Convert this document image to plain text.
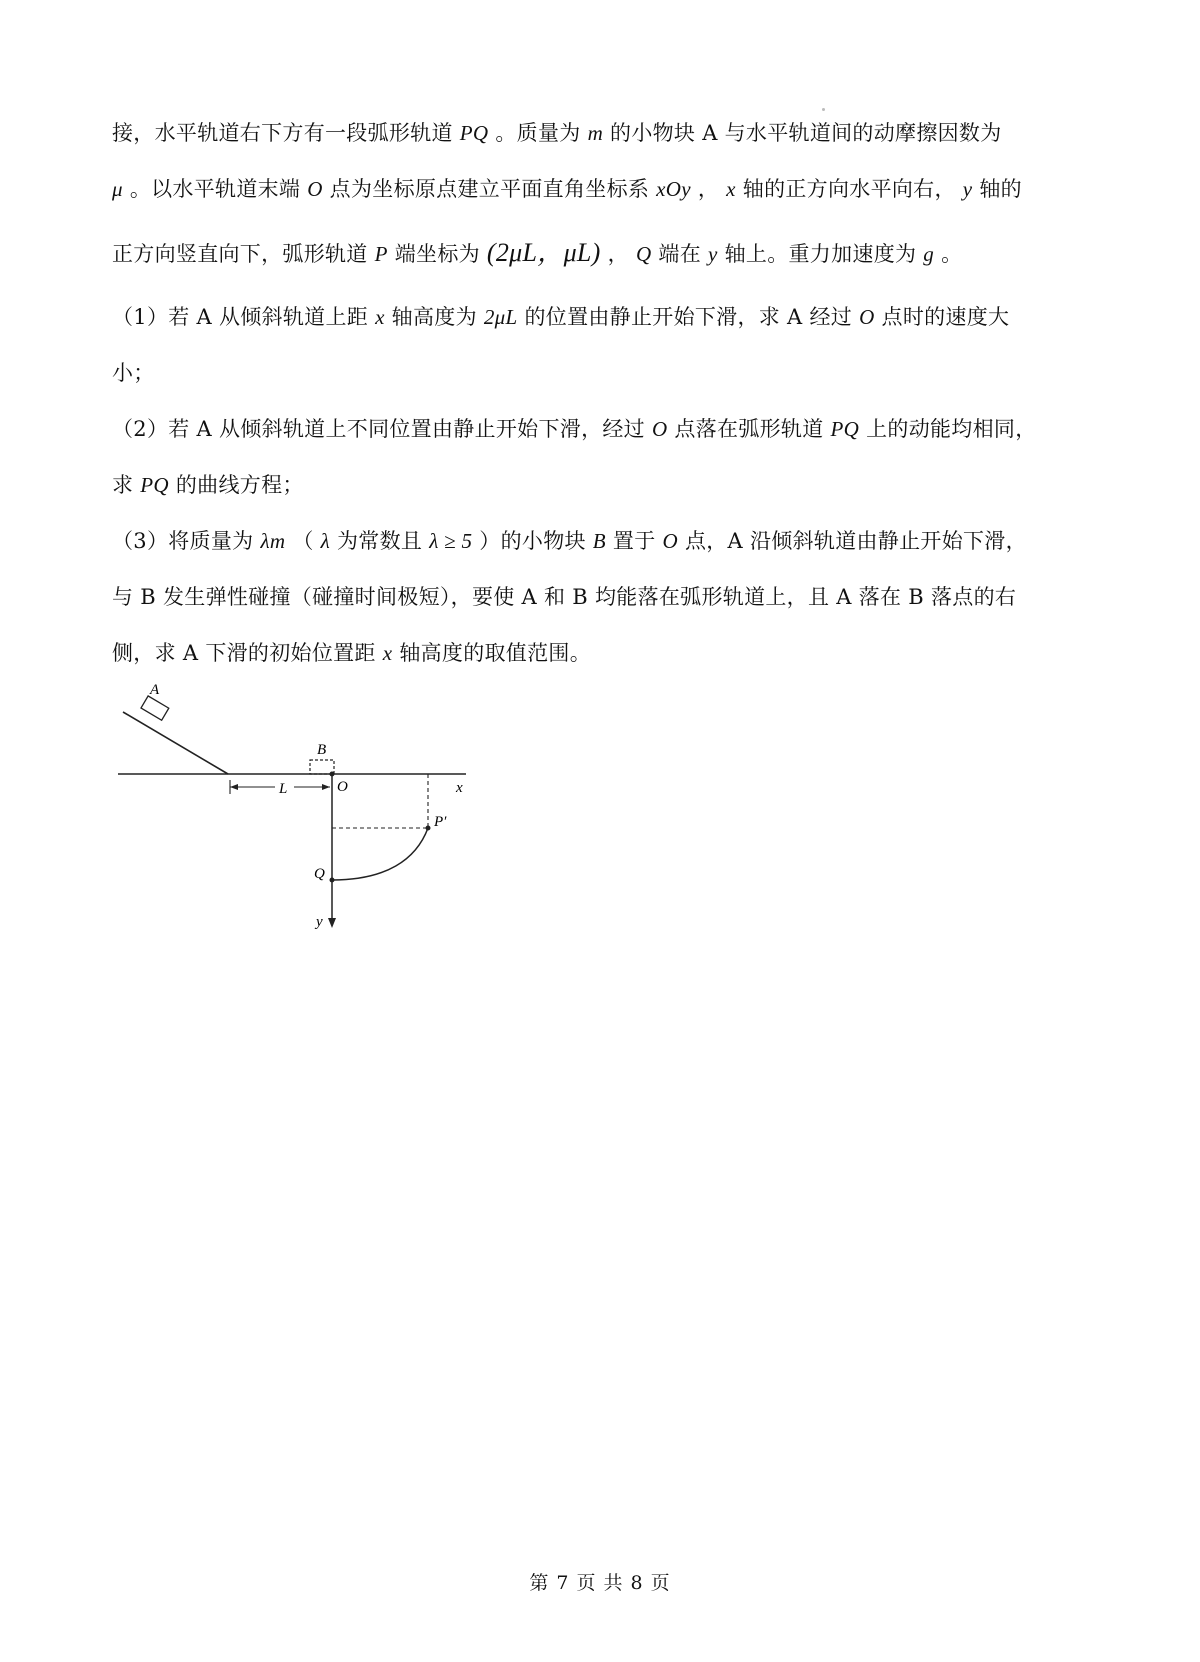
接，水平轨道右下方有一段弧形轨道 PQ 。质量为 m 的小物块 A 与水平轨道间的动摩擦因数为
μ 。以水平轨道末端 O 点为坐标原点建立平面直角坐标系 xOy ， x 轴的正方向水平向右， y 轴的
正方向竖直向下，弧形轨道 P 端坐标为 (2μL，μL) ， Q 端在 y 轴上。重力加速度为 g 。
（1）若 A 从倾斜轨道上距 x 轴高度为 2μL 的位置由静止开始下滑，求 A 经过 O 点时的速度大
小；
（2）若 A 从倾斜轨道上不同位置由静止开始下滑，经过 O 点落在弧形轨道 PQ 上的动能均相同，
求 PQ 的曲线方程；
（3）将质量为 λm （ λ 为常数且 λ ≥ 5 ）的小物块 B 置于 O 点，A 沿倾斜轨道由静止开始下滑，
与 B 发生弹性碰撞（碰撞时间极短），要使 A 和 B 均能落在弧形轨道上，且 A 落在 B 落点的右
侧，求 A 下滑的初始位置距 x 轴高度的取值范围。
A
x
B
O
L
y
P′
Q
第 7 页 共 8 页
